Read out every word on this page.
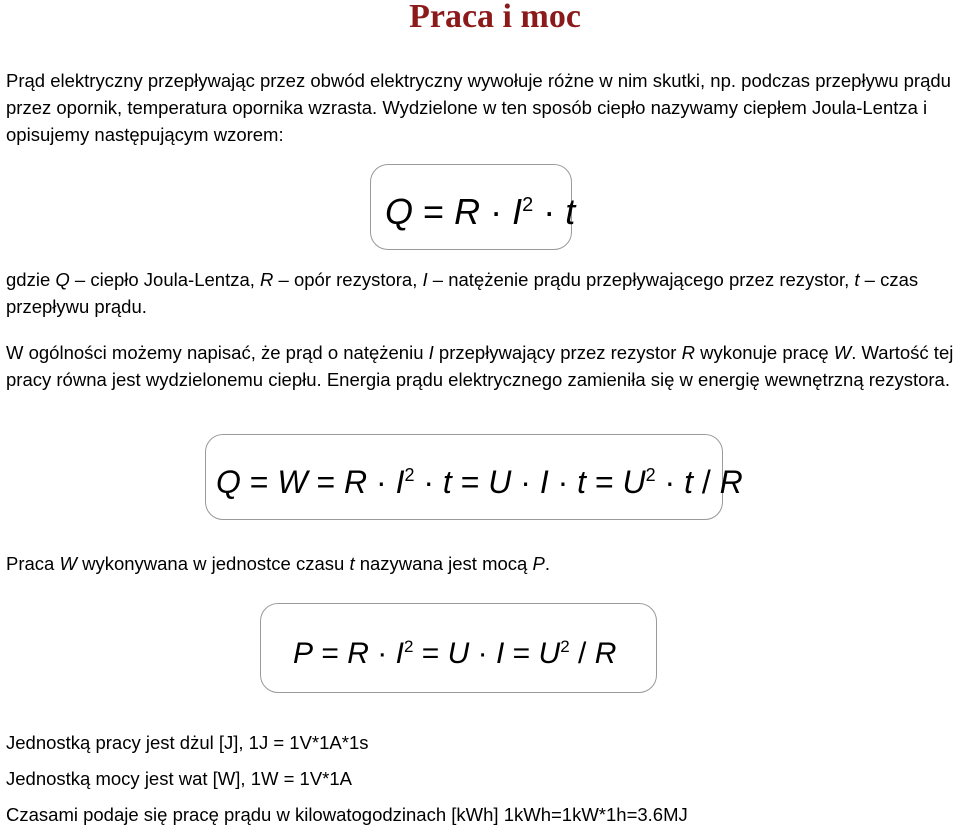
Praca i moc
Prąd elektryczny przepływając przez obwód elektryczny wywołuje różne w nim skutki, np. podczas przepływu prądu przez opornik, temperatura opornika wzrasta. Wydzielone w ten sposób ciepło nazywamy ciepłem Joula-Lentza i opisujemy następującym wzorem:
$Q = R \cdot I^2 \cdot t$
gdzie Q – ciepło Joula-Lentza, R – opór rezystora, I – natężenie prądu przepływającego przez rezystor, t – czas przepływu prądu.
W ogólności możemy napisać, że prąd o natężeniu I przepływający przez rezystor R wykonuje pracę W. Wartość tej pracy równa jest wydzielonemu ciepłu. Energia prądu elektrycznego zamieniła się w energię wewnętrzną rezystora.
$Q = W = R \cdot I^2 \cdot t = U \cdot I \cdot t = U^2 \cdot t / R$
Praca W wykonywana w jednostce czasu t nazywana jest mocą P.
$P = R \cdot I^2 = U \cdot I = U^2 / R$
Jednostką pracy jest dżul [J], 1J = 1V*1A*1s
Jednostką mocy jest wat [W], 1W = 1V*1A
Czasami podaje się pracę prądu w kilowatogodzinach [kWh] 1kWh=1kW*1h=3.6MJ
